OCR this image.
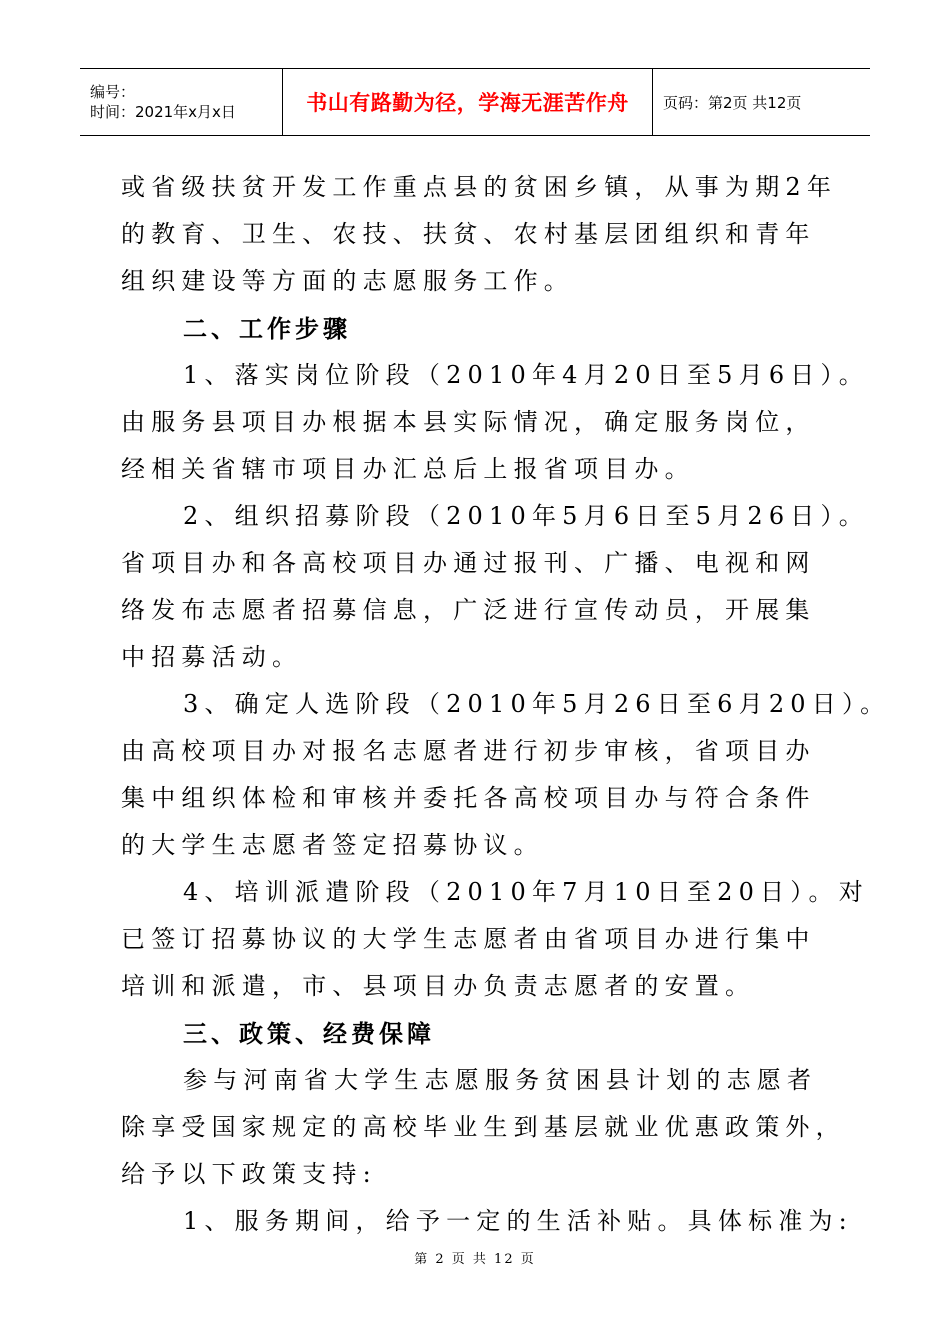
编号：
时间：2021年x月x日	书山有路勤为径，学海无涯苦作舟 页码：第2页 共12页
或省级扶贫开发工作重点县的贫困乡镇，从事为期2年
的教育、卫生、农技、扶贫、农村基层团组织和青年
组织建设等方面的志愿服务工作。
二、工作步骤
1、落实岗位阶段（2010年4月20日至5月6日）。
由服务县项目办根据本县实际情况，确定服务岗位，
经相关省辖市项目办汇总后上报省项目办。
2、组织招募阶段（2010年5月6日至5月26日）。
省项目办和各高校项目办通过报刊、广播、电视和网
络发布志愿者招募信息，广泛进行宣传动员，开展集
中招募活动。
3、确定人选阶段（2010年5月26日至6月20日）。
由高校项目办对报名志愿者进行初步审核，省项目办
集中组织体检和审核并委托各高校项目办与符合条件
的大学生志愿者签定招募协议。
4、培训派遣阶段（2010年7月10日至20日）。对
已签订招募协议的大学生志愿者由省项目办进行集中
培训和派遣，市、县项目办负责志愿者的安置。
三、政策、经费保障
参与河南省大学生志愿服务贫困县计划的志愿者
除享受国家规定的高校毕业生到基层就业优惠政策外，
给予以下政策支持:
1、服务期间，给予一定的生活补贴。具体标准为:
第 2 页 共 12 页
